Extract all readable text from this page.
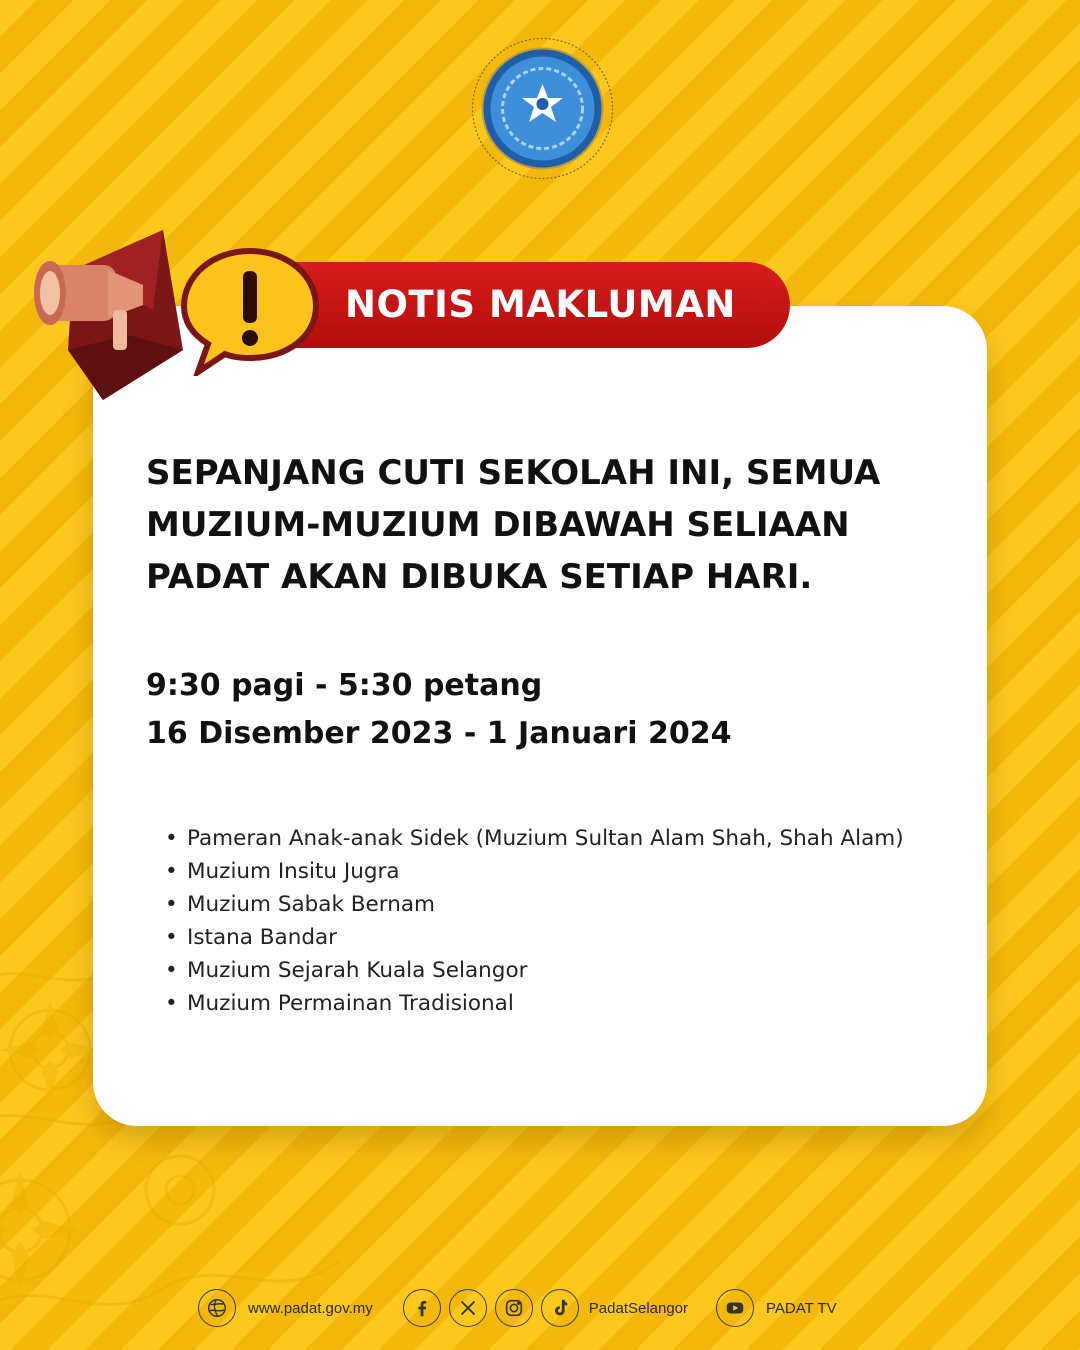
NOTIS MAKLUMAN
SEPANJANG CUTI SEKOLAH INI, SEMUA
MUZIUM-MUZIUM DIBAWAH SELIAAN
PADAT AKAN DIBUKA SETIAP HARI.
9:30 pagi - 5:30 petang
16 Disember 2023 - 1 Januari 2024
• Pameran Anak-anak Sidek (Muzium Sultan Alam Shah, Shah Alam)
• Muzium Insitu Jugra
• Muzium Sabak Bernam
• Istana Bandar
• Muzium Sejarah Kuala Selangor
• Muzium Permainan Tradisional
www.padat.gov.my	PadatSelangor	PADAT TV
